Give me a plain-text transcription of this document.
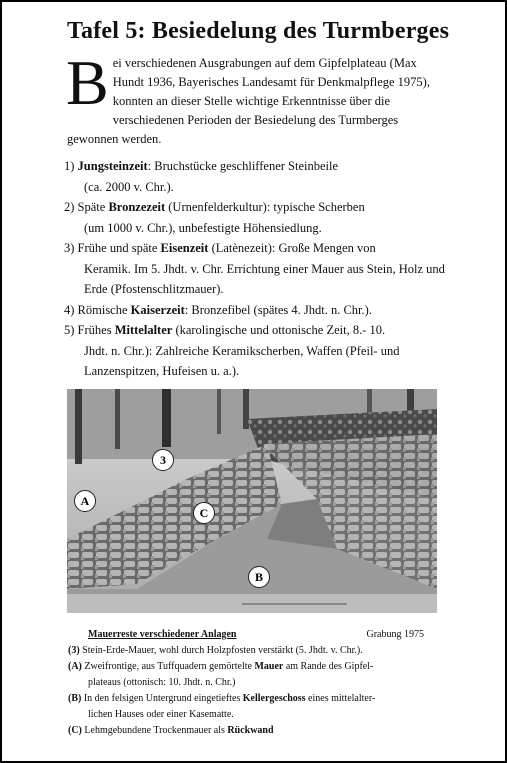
Tafel 5: Besiedelung des Turmberges
B ei verschiedenen Ausgrabungen auf dem Gipfelplateau (Max Hundt 1936, Bayerisches Landesamt für Denkmalpflege 1975), konnten an dieser Stelle wichtige Erkenntnisse über die verschiedenen Perioden der Besiedelung des Turmberges gewonnen werden.
1) Jungsteinzeit: Bruchstücke geschliffener Steinbeile
(ca. 2000 v. Chr.).
2) Späte Bronzezeit (Urnenfelderkultur): typische Scherben
(um 1000 v. Chr.), unbefestigte Höhensiedlung.
3) Frühe und späte Eisenzeit (Latènezeit): Große Mengen von
Keramik. Im 5. Jhdt. v. Chr. Errichtung einer Mauer aus Stein, Holz und Erde (Pfostenschlitzmauer).
4) Römische Kaiserzeit: Bronzefibel (spätes 4. Jhdt. n. Chr.).
5) Frühes Mittelalter (karolingische und ottonische Zeit, 8.- 10.
Jhdt. n. Chr.): Zahlreiche Keramikscherben, Waffen (Pfeil- und Lanzenspitzen, Hufeisen u. a.).
3
A
C
B
Mauerreste verschiedener Anlagen	Grabung 1975
(3) Stein-Erde-Mauer, wohl durch Holzpfosten verstärkt (5. Jhdt. v. Chr.).
(A) Zweifrontige, aus Tuffquadern gemörtelte Mauer am Rande des Gipfel-
plateaus (ottonisch: 10. Jhdt. n. Chr.)
(B) In den felsigen Untergrund eingetieftes Kellergeschoss eines mittelalter-
lichen Hauses oder einer Kasematte.
(C) Lehmgebundene Trockenmauer als Rückwand
